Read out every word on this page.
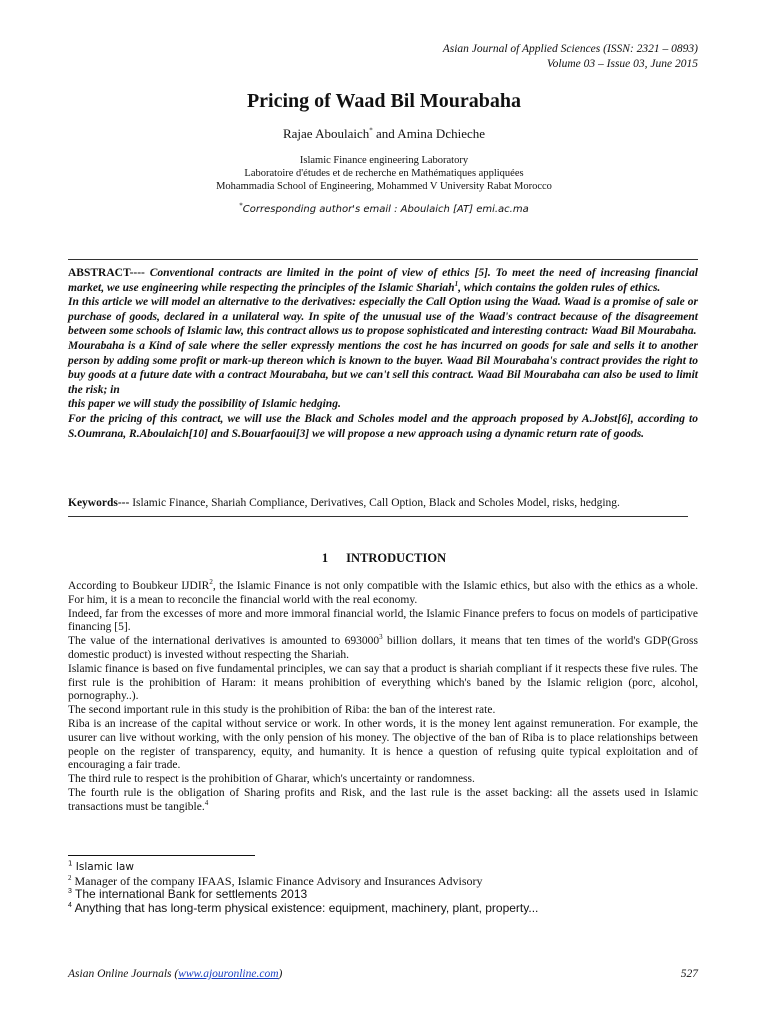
Asian Journal of Applied Sciences (ISSN: 2321 – 0893)
Volume 03 – Issue 03, June 2015
Pricing of Waad Bil Mourabaha
Rajae Aboulaich* and Amina Dchieche
Islamic Finance engineering Laboratory
Laboratoire d'études et de recherche en Mathématiques appliquées
Mohammadia School of Engineering, Mohammed V University Rabat Morocco
*Corresponding author's email : Aboulaich [AT] emi.ac.ma

ABSTRACT---- Conventional contracts are limited in the point of view of ethics [5]. To meet the need of increasing financial market, we use engineering while respecting the principles of the Islamic Shariah$^1$, which contains the golden rules of ethics.

In this article we will model an alternative to the derivatives: especially the Call Option using the Waad. Waad is a promise of sale or purchase of goods, declared in a unilateral way. In spite of the unusual use of the Waad's contract because of the disagreement between some schools of Islamic law, this contract allows us to propose sophisticated and interesting contract: Waad Bil Mourabaha.

Mourabaha is a Kind of sale where the seller expressly mentions the cost he has incurred on goods for sale and sells it to another person by adding some profit or mark-up thereon which is known to the buyer. Waad Bil Mourabaha's contract provides the right to buy goods at a future date with a contract Mourabaha, but we can't sell this contract. Waad Bil Mourabaha can also be used to limit the risk; in

this paper we will study the possibility of Islamic hedging.

For the pricing of this contract, we will use the Black and Scholes model and the approach proposed by A.Jobst[6], according to S.Oumrana, R.Aboulaich[10] and S.Bouarfaoui[3] we will propose a new approach using a dynamic return rate of goods.

Keywords--- Islamic Finance, Shariah Compliance, Derivatives, Call Option, Black and Scholes Model, risks, hedging.
1 INTRODUCTION

According to Boubkeur IJDIR$^2$, the Islamic Finance is not only compatible with the Islamic ethics, but also with the ethics as a whole. For him, it is a mean to reconcile the financial world with the real economy.

Indeed, far from the excesses of more and more immoral financial world, the Islamic Finance prefers to focus on models of participative financing [5].

The value of the international derivatives is amounted to 693000$^3$ billion dollars, it means that ten times of the world's GDP(Gross domestic product) is invested without respecting the Shariah.

Islamic finance is based on five fundamental principles, we can say that a product is shariah compliant if it respects these five rules. The first rule is the prohibition of Haram: it means prohibition of everything which's baned by the Islamic religion (porc, alcohol, pornography..).

The second important rule in this study is the prohibition of Riba: the ban of the interest rate.

Riba is an increase of the capital without service or work. In other words, it is the money lent against remuneration. For example, the usurer can live without working, with the only pension of his money. The objective of the ban of Riba is to place relationships between people on the register of transparency, equity, and humanity. It is hence a question of refusing quite typical exploitation and of encouraging a fair trade.

The third rule to respect is the prohibition of Gharar, which's uncertainty or randomness.

The fourth rule is the obligation of Sharing profits and Risk, and the last rule is the asset backing: all the assets used in Islamic transactions must be tangible.$^4$

$^1$ Islamic law
$^2$ Manager of the company IFAAS, Islamic Finance Advisory and Insurances Advisory
$^3$ The international Bank for settlements 2013
$^4$ Anything that has long-term physical existence: equipment, machinery, plant, property...
Asian Online Journals (www.ajouronline.com)	527
